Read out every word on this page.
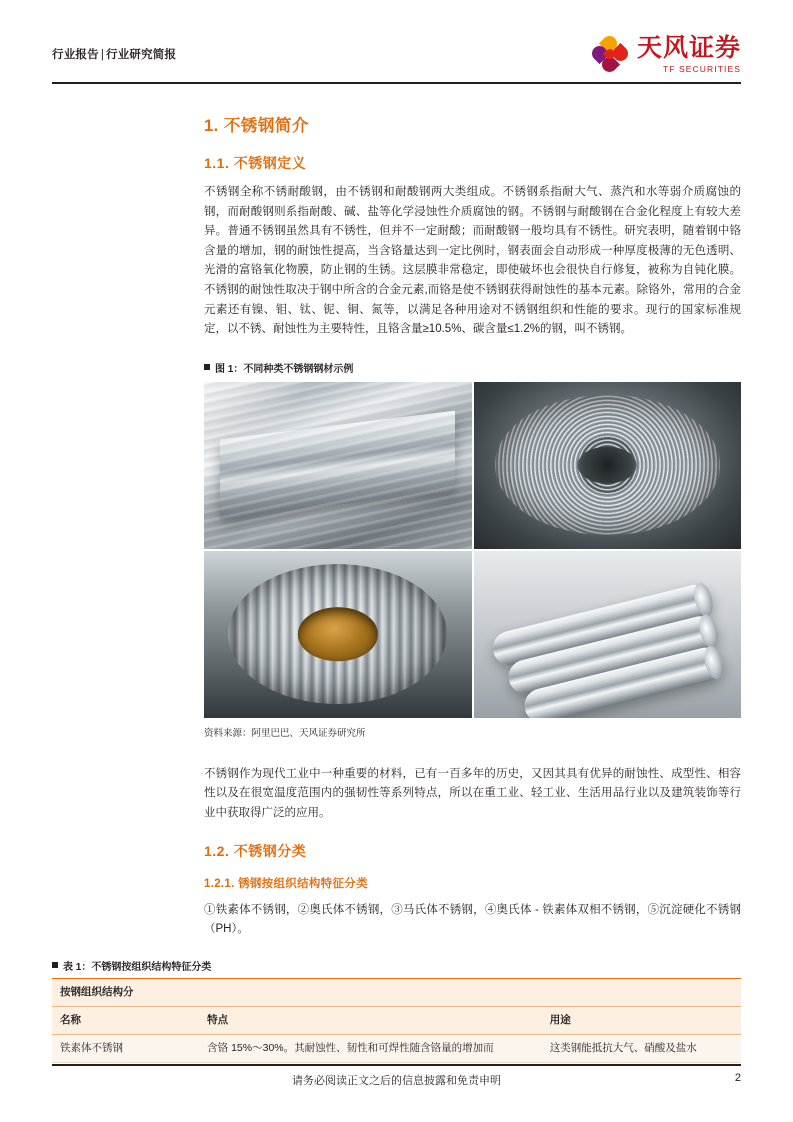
行业报告 | 行业研究简报	天风证券
TF SECURITIES
1. 不锈钢简介
1.1. 不锈钢定义

不锈钢全称不锈耐酸钢，由不锈钢和耐酸钢两大类组成。不锈钢系指耐大气、蒸汽和水等弱介质腐蚀的钢，而耐酸钢则系指耐酸、碱、盐等化学浸蚀性介质腐蚀的钢。不锈钢与耐酸钢在合金化程度上有较大差异。普通不锈钢虽然具有不锈性，但并不一定耐酸；而耐酸钢一般均具有不锈性。研究表明，随着钢中铬含量的增加，钢的耐蚀性提高，当含铬量达到一定比例时，钢表面会自动形成一种厚度极薄的无色透明、光滑的富铬氧化物膜，防止钢的生锈。这层膜非常稳定，即使破坏也会很快自行修复，被称为自钝化膜。不锈钢的耐蚀性取决于钢中所含的合金元素,而铬是使不锈钢获得耐蚀性的基本元素。除铬外，常用的合金元素还有镍、钼、钛、铌、铜、氮等，以满足各种用途对不锈钢组织和性能的要求。现行的国家标准规定，以不锈、耐蚀性为主要特性，且铬含量≥10.5%、碳含量≤1.2%的钢，叫不锈钢。

图 1：不同种类不锈钢钢材示例
资料来源：阿里巴巴、天风证券研究所

不锈钢作为现代工业中一种重要的材料，已有一百多年的历史，又因其具有优异的耐蚀性、成型性、相容性以及在很宽温度范围内的强韧性等系列特点，所以在重工业、轻工业、生活用品行业以及建筑装饰等行业中获取得广泛的应用。

1.2. 不锈钢分类
1.2.1. 锈钢按组织结构特征分类

①铁素体不锈钢，②奥氏体不锈钢，③马氏体不锈钢，④奥氏体 - 铁素体双相不锈钢，⑤沉淀硬化不锈钢（PH）。

表 1：不锈钢按组织结构特征分类
按钢组织结构分		
名称	特点	用途
铁素体不锈钢	含铬 15%～30%。其耐蚀性、韧性和可焊性随含铬量的增加而	这类钢能抵抗大气、硝酸及盐水
请务必阅读正文之后的信息披露和免责申明	2
